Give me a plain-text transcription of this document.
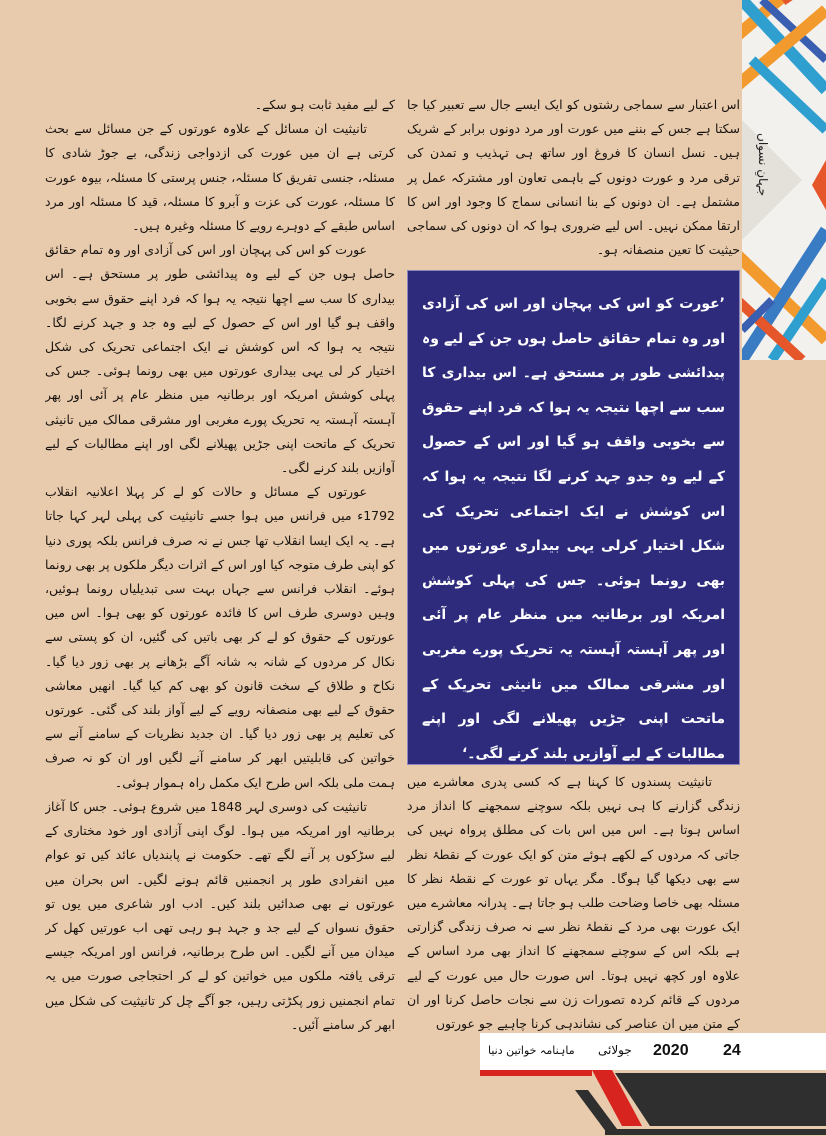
جہانِ نسواں

اس اعتبار سے سماجی رشتوں کو ایک ایسے جال سے تعبیر کیا جا سکتا ہے جس کے بننے میں عورت اور مرد دونوں برابر کے شریک ہیں۔ نسل انسان کا فروغ اور ساتھ ہی تہذیب و تمدن کی ترقی مرد و عورت دونوں کے باہمی تعاون اور مشترکہ عمل پر مشتمل ہے۔ ان دونوں کے بنا انسانی سماج کا وجود اور اس کا ارتقا ممکن نہیں۔ اس لیے ضروری ہوا کہ ان دونوں کی سماجی حیثیت کا تعین منصفانہ ہو۔

’عورت کو اس کی پہچان اور اس کی آزادی اور وہ تمام حقائق حاصل ہوں جن کے لیے وہ پیدائشی طور پر مستحق ہے۔ اس بیداری کا سب سے اچھا نتیجہ یہ ہوا کہ فرد اپنے حقوق سے بخوبی واقف ہو گیا اور اس کے حصول کے لیے وہ جدو جہد کرنے لگا نتیجہ یہ ہوا کہ اس کوشش نے ایک اجتماعی تحریک کی شکل اختیار کرلی یہی بیداری عورتوں میں بھی رونما ہوئی۔ جس کی پہلی کوشش امریکہ اور برطانیہ میں منظر عام پر آئی اور پھر آہستہ آہستہ یہ تحریک پورے مغربی اور مشرقی ممالک میں تانیثی تحریک کے ماتحت اپنی جڑیں پھیلانے لگی اور اپنے مطالبات کے لیے آوازیں بلند کرنے لگی۔‘

تانیثیت پسندوں کا کہنا ہے کہ کسی پدری معاشرے میں زندگی گزارنے کا ہی نہیں بلکہ سوچنے سمجھنے کا انداز مرد اساس ہوتا ہے۔ اس میں اس بات کی مطلق پرواہ نہیں کی جاتی کہ مردوں کے لکھے ہوئے متن کو ایک عورت کے نقطۂ نظر سے بھی دیکھا گیا ہوگا۔ مگر یہاں تو عورت کے نقطۂ نظر کا مسئلہ بھی خاصا وضاحت طلب ہو جاتا ہے۔ پدرانہ معاشرے میں ایک عورت بھی مرد کے نقطۂ نظر سے نہ صرف زندگی گزارتی ہے بلکہ اس کے سوچنے سمجھنے کا انداز بھی مرد اساس کے علاوہ اور کچھ نہیں ہوتا۔ اس صورت حال میں عورت کے لیے مردوں کے قائم کردہ تصورات زن سے نجات حاصل کرنا اور ان کے متن میں ان عناصر کی نشاندہی کرنا چاہیے جو عورتوں

کے لیے مفید ثابت ہو سکے۔

تانیثیت ان مسائل کے علاوہ عورتوں کے جن مسائل سے بحث کرتی ہے ان میں عورت کی ازدواجی زندگی، بے جوڑ شادی کا مسئلہ، جنسی تفریق کا مسئلہ، جنس پرستی کا مسئلہ، بیوہ عورت کا مسئلہ، عورت کی عزت و آبرو کا مسئلہ، قید کا مسئلہ اور مرد اساس طبقے کے دوہرے رویے کا مسئلہ وغیرہ ہیں۔

عورت کو اس کی پہچان اور اس کی آزادی اور وہ تمام حقائق حاصل ہوں جن کے لیے وہ پیدائشی طور پر مستحق ہے۔ اس بیداری کا سب سے اچھا نتیجہ یہ ہوا کہ فرد اپنے حقوق سے بخوبی واقف ہو گیا اور اس کے حصول کے لیے وہ جد و جہد کرنے لگا۔ نتیجہ یہ ہوا کہ اس کوشش نے ایک اجتماعی تحریک کی شکل اختیار کر لی یہی بیداری عورتوں میں بھی رونما ہوئی۔ جس کی پہلی کوشش امریکہ اور برطانیہ میں منظر عام پر آئی اور پھر آہستہ آہستہ یہ تحریک پورے مغربی اور مشرقی ممالک میں تانیثی تحریک کے ماتحت اپنی جڑیں پھیلانے لگی اور اپنے مطالبات کے لیے آوازیں بلند کرنے لگی۔

عورتوں کے مسائل و حالات کو لے کر پہلا اعلانیہ انقلاب 1792ء میں فرانس میں ہوا جسے تانیثیت کی پہلی لہر کہا جاتا ہے۔ یہ ایک ایسا انقلاب تھا جس نے نہ صرف فرانس بلکہ پوری دنیا کو اپنی طرف متوجہ کیا اور اس کے اثرات دیگر ملکوں پر بھی رونما ہوئے۔ انقلاب فرانس سے جہاں بہت سی تبدیلیاں رونما ہوئیں، وہیں دوسری طرف اس کا فائدہ عورتوں کو بھی ہوا۔ اس میں عورتوں کے حقوق کو لے کر بھی باتیں کی گئیں، ان کو پستی سے نکال کر مردوں کے شانہ بہ شانہ آگے بڑھانے پر بھی زور دیا گیا۔ نکاح و طلاق کے سخت قانون کو بھی کم کیا گیا۔ انھیں معاشی حقوق کے لیے بھی منصفانہ رویے کے لیے آواز بلند کی گئی۔ عورتوں کی تعلیم پر بھی زور دیا گیا۔ ان جدید نظریات کے سامنے آنے سے خواتین کی قابلیتیں ابھر کر سامنے آنے لگیں اور ان کو نہ صرف ہمت ملی بلکہ اس طرح ایک مکمل راہ ہموار ہوئی۔

تانیثیت کی دوسری لہر 1848 میں شروع ہوئی۔ جس کا آغاز برطانیہ اور امریکہ میں ہوا۔ لوگ اپنی آزادی اور خود مختاری کے لیے سڑکوں پر آنے لگے تھے۔ حکومت نے پابندیاں عائد کیں تو عوام میں انفرادی طور پر انجمنیں قائم ہونے لگیں۔ اس بحران میں عورتوں نے بھی صدائیں بلند کیں۔ ادب اور شاعری میں یوں تو حقوق نسواں کے لیے جد و جہد ہو رہی تھی اب عورتیں کھل کر میدان میں آنے لگیں۔ اس طرح برطانیہ، فرانس اور امریکہ جیسے ترقی یافتہ ملکوں میں خواتین کو لے کر احتجاجی صورت میں یہ تمام انجمنیں زور پکڑتی رہیں، جو آگے چل کر تانیثیت کی شکل میں ابھر کر سامنے آئیں۔

24
2020
جولائی
ماہنامہ خواتین دنیا
